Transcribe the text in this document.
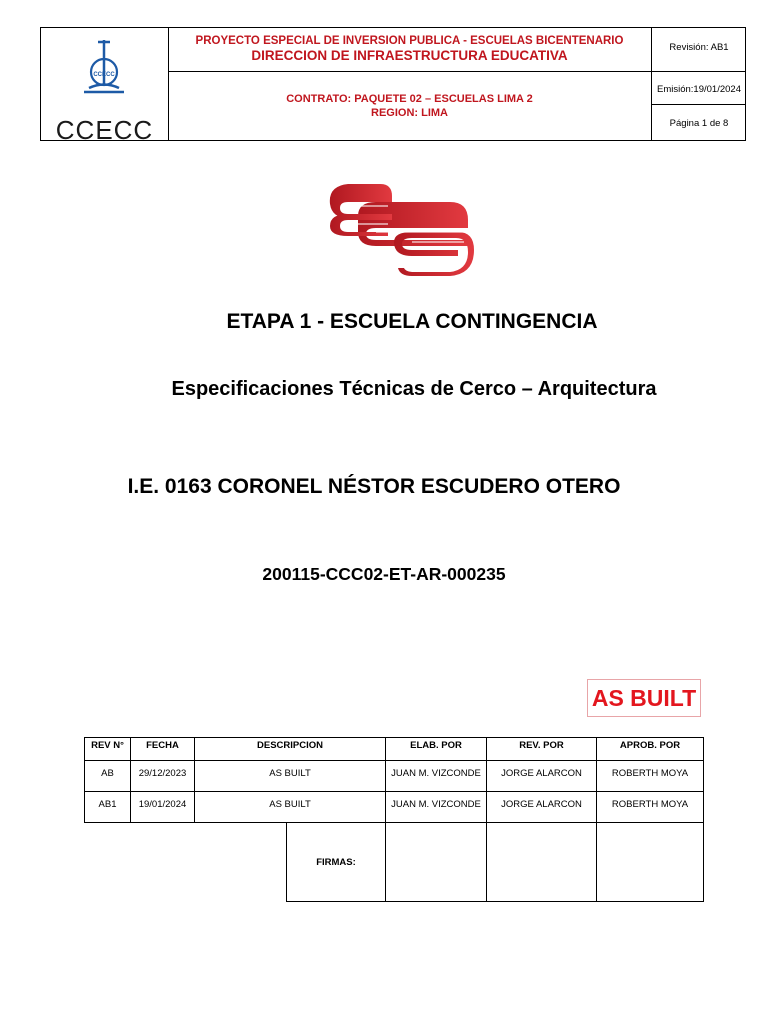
CCECC
CCECC
PROYECTO ESPECIAL DE INVERSION PUBLICA - ESCUELAS BICENTENARIO
DIRECCION DE INFRAESTRUCTURA EDUCATIVA
CONTRATO: PAQUETE 02 – ESCUELAS LIMA 2
REGION: LIMA
Revisión: AB1
Emisión:19/01/2024
Página 1 de 8
ETAPA 1 - ESCUELA CONTINGENCIA
Especificaciones Técnicas de Cerco – Arquitectura
I.E. 0163 CORONEL NÉSTOR ESCUDERO OTERO
200115-CCC02-ET-AR-000235
AS BUILT
REV N°	FECHA	DESCRIPCION		ELAB. POR	REV. POR	APROB. POR
AB	29/12/2023	AS BUILT		JUAN M. VIZCONDE	JORGE ALARCON	ROBERTH MOYA
AB1	19/01/2024	AS BUILT		JUAN M. VIZCONDE	JORGE ALARCON	ROBERTH MOYA
			FIRMAS:			
